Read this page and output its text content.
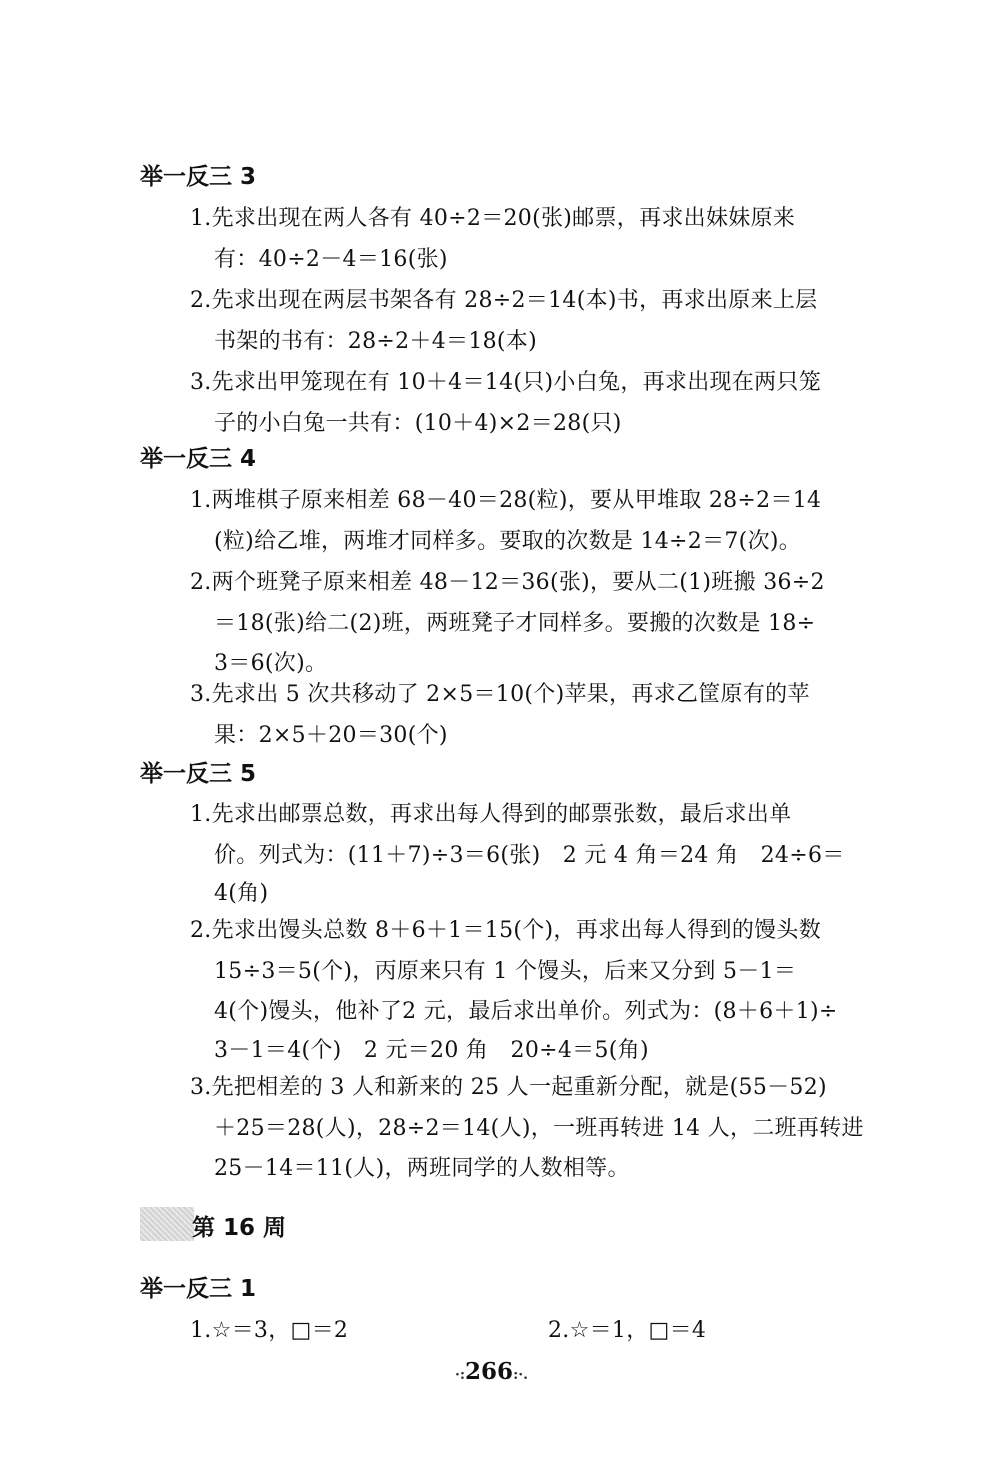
举一反三 3
1.先求出现在两人各有 40÷2＝20(张)邮票，再求出妹妹原来
有：40÷2－4＝16(张)
2.先求出现在两层书架各有 28÷2＝14(本)书，再求出原来上层
书架的书有：28÷2＋4＝18(本)
3.先求出甲笼现在有 10＋4＝14(只)小白兔，再求出现在两只笼
子的小白兔一共有：(10＋4)×2＝28(只)
举一反三 4
1.两堆棋子原来相差 68－40＝28(粒)，要从甲堆取 28÷2＝14
(粒)给乙堆，两堆才同样多。要取的次数是 14÷2＝7(次)。
2.两个班凳子原来相差 48－12＝36(张)，要从二(1)班搬 36÷2
＝18(张)给二(2)班，两班凳子才同样多。要搬的次数是 18÷
3＝6(次)。
3.先求出 5 次共移动了 2×5＝10(个)苹果，再求乙筐原有的苹
果：2×5＋20＝30(个)
举一反三 5
1.先求出邮票总数，再求出每人得到的邮票张数，最后求出单
价。列式为：(11＋7)÷3＝6(张)　2 元 4 角＝24 角　24÷6＝
4(角)
2.先求出馒头总数 8＋6＋1＝15(个)，再求出每人得到的馒头数
15÷3＝5(个)，丙原来只有 1 个馒头，后来又分到 5－1＝
4(个)馒头，他补了2 元，最后求出单价。列式为：(8＋6＋1)÷
3－1＝4(个)　2 元＝20 角　20÷4＝5(角)
3.先把相差的 3 人和新来的 25 人一起重新分配，就是(55－52)
＋25＝28(人)，28÷2＝14(人)，一班再转进 14 人，二班再转进
25－14＝11(人)，两班同学的人数相等。
第 16 周
举一反三 1
1.☆＝3，□＝2	2.☆＝1，□＝4
·:266:·.
